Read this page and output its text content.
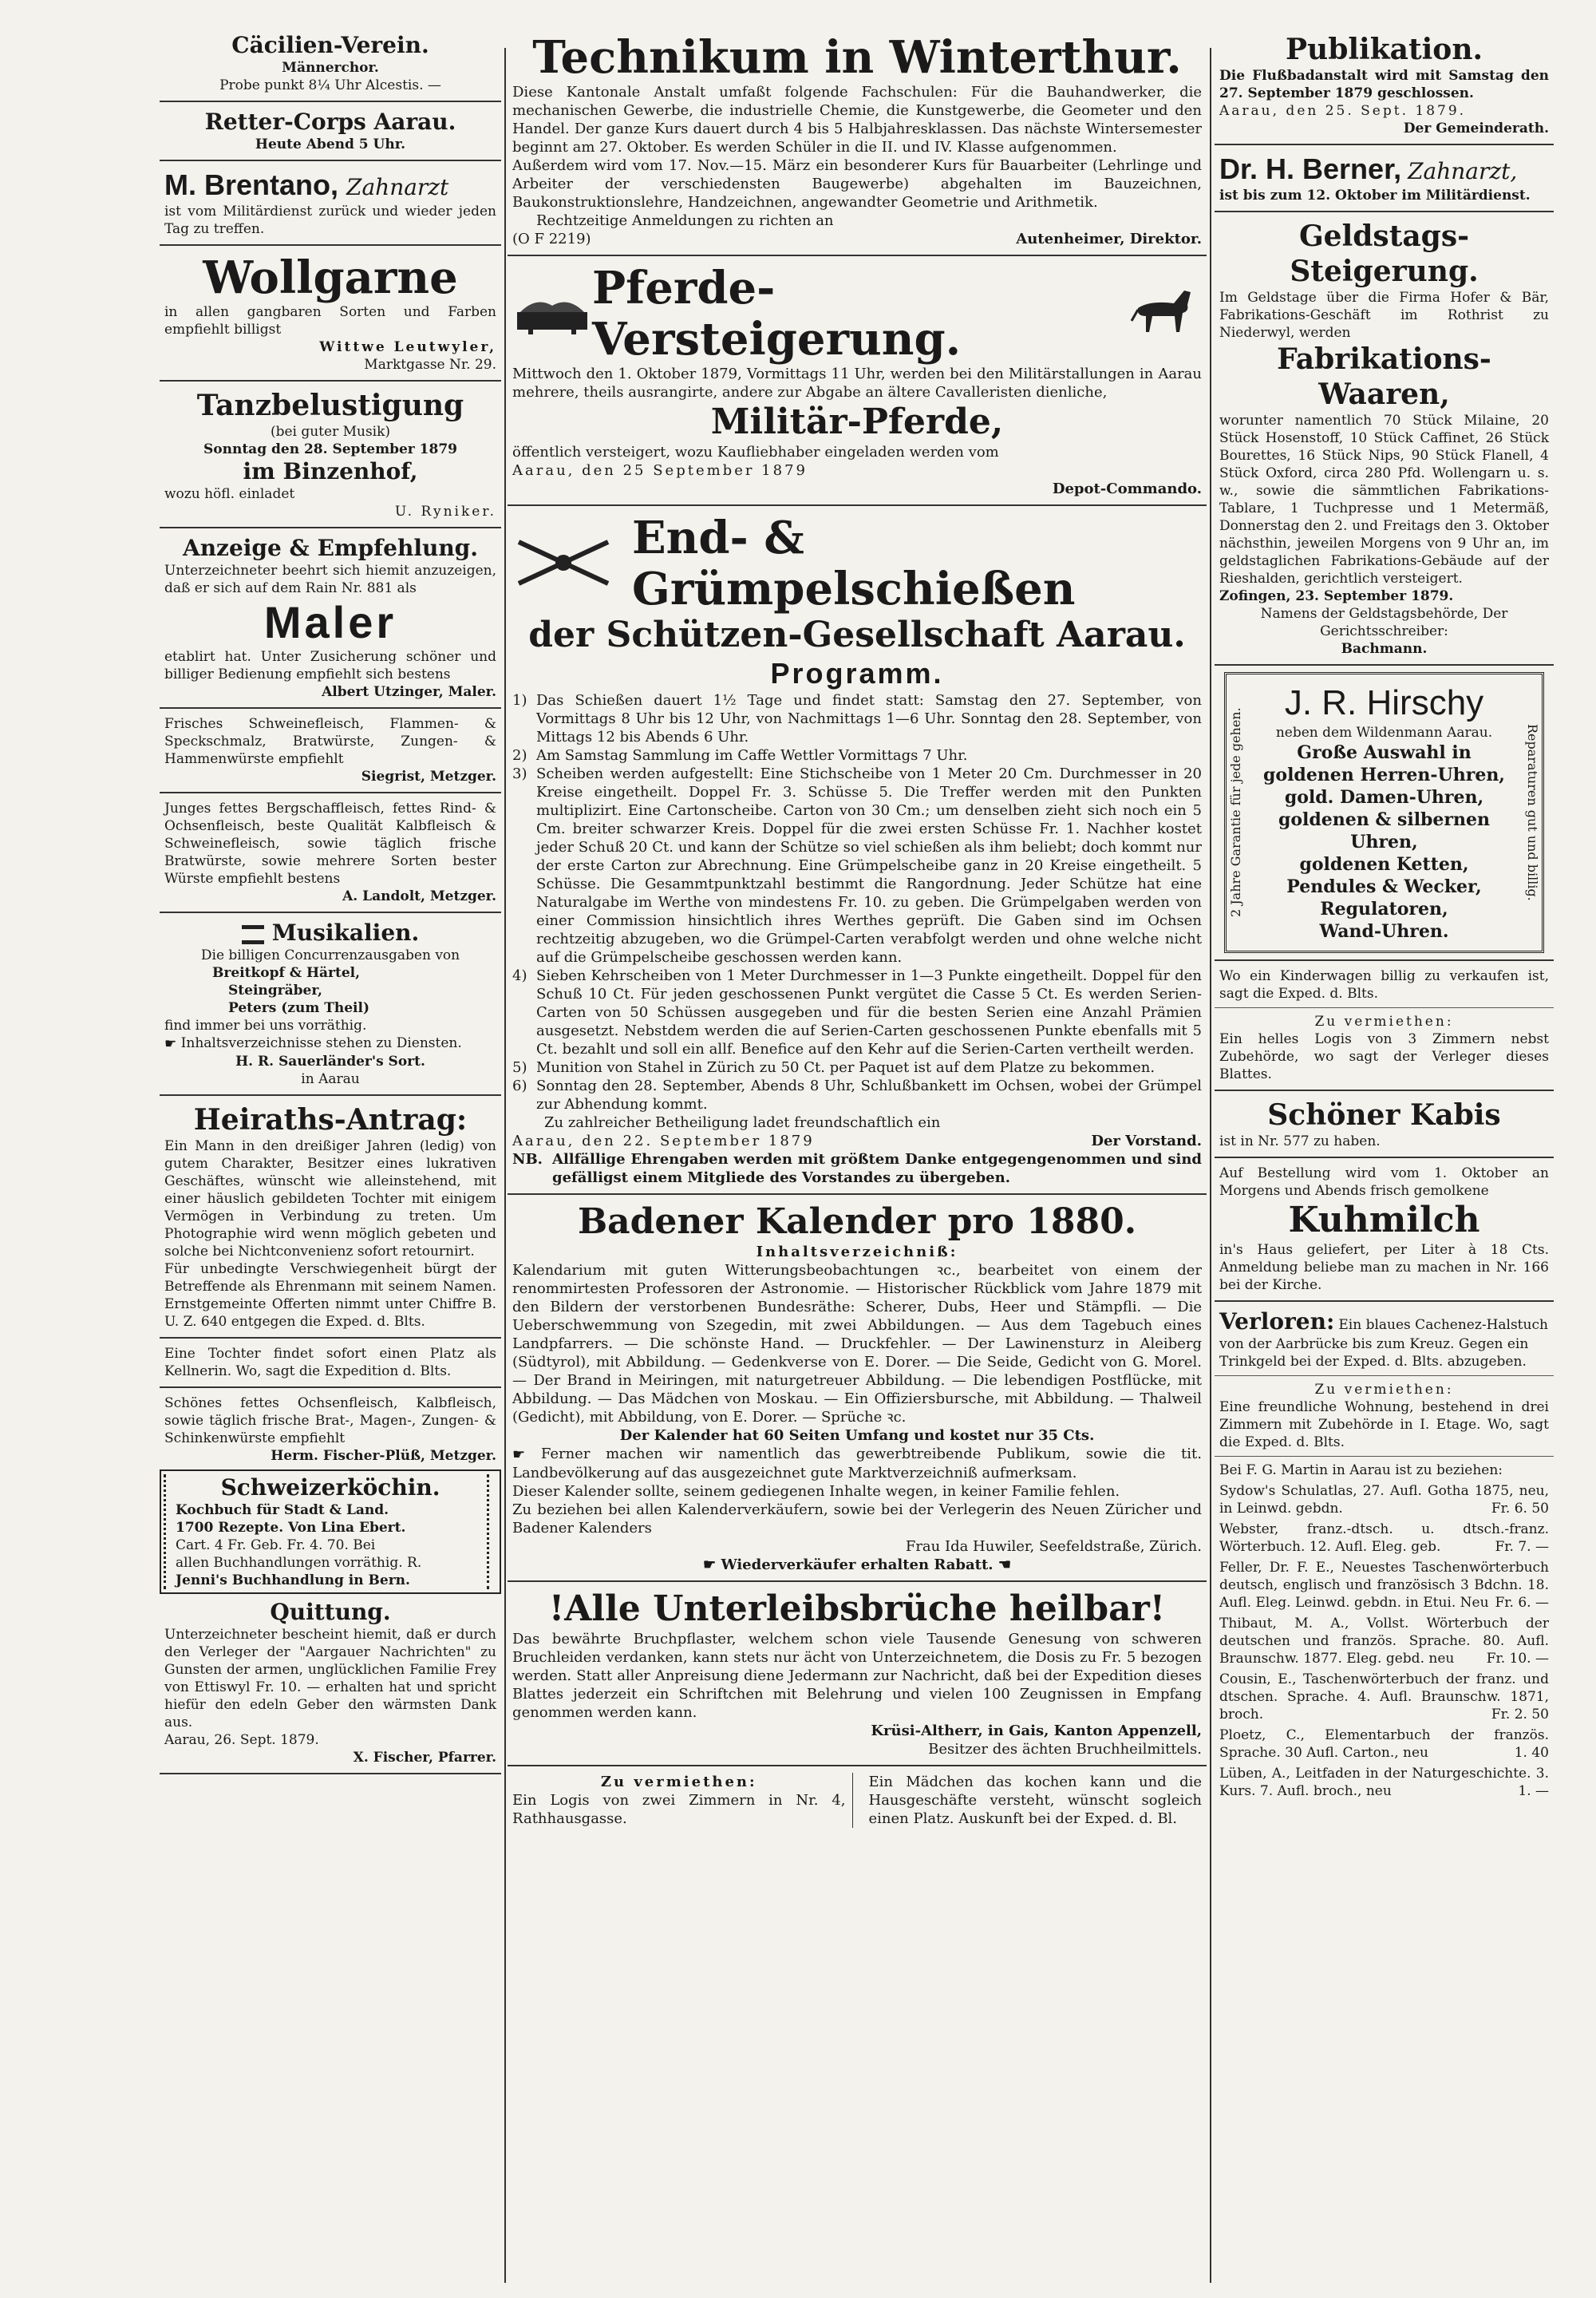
Cäcilien-Verein.
Männerchor.
Probe punkt 8¼ Uhr Alcestis. —
Retter-Corps Aarau.
Heute Abend 5 Uhr.
M. Brentano, Zahnarzt
ist vom Militärdienst zurück und wieder jeden Tag zu treffen.
Wollgarne
in allen gangbaren Sorten und Farben empfiehlt billigst
Wittwe Leutwyler,
Marktgasse Nr. 29.
Tanzbelustigung
(bei guter Musik)
Sonntag den 28. September 1879
im Binzenhof,
wozu höfl. einladet
U. Ryniker.
Anzeige & Empfehlung.
Unterzeichneter beehrt sich hiemit anzuzeigen, daß er sich auf dem Rain Nr. 881 als
Maler
etablirt hat. Unter Zusicherung schöner und billiger Bedienung empfiehlt sich bestens
Albert Utzinger, Maler.
Frisches Schweinefleisch, Flammen- & Speckschmalz, Bratwürste, Zungen- & Hammenwürste empfiehlt
Siegrist, Metzger.
Junges fettes Bergschaffleisch, fettes Rind- & Ochsenfleisch, beste Qualität Kalbfleisch & Schweinefleisch, sowie täglich frische Bratwürste, sowie mehrere Sorten bester Würste empfiehlt bestens
A. Landolt, Metzger.
Musikalien.
Die billigen Concurrenzausgaben von
Breitkopf & Härtel,
Steingräber,
Peters (zum Theil)
find immer bei uns vorräthig.
☛ Inhaltsverzeichnisse stehen zu Diensten.
H. R. Sauerländer's Sort.
in Aarau
Heiraths-Antrag:
Ein Mann in den dreißiger Jahren (ledig) von gutem Charakter, Besitzer eines lukrativen Geschäftes, wünscht wie alleinstehend, mit einer häuslich gebildeten Tochter mit einigem Vermögen in Verbindung zu treten. Um Photographie wird wenn möglich gebeten und solche bei Nichtconvenienz sofort retournirt.
Für unbedingte Verschwiegenheit bürgt der Betreffende als Ehrenmann mit seinem Namen. Ernstgemeinte Offerten nimmt unter Chiffre B. U. Z. 640 entgegen die Exped. d. Blts.
Eine Tochter findet sofort einen Platz als Kellnerin. Wo, sagt die Expedition d. Blts.
Schönes fettes Ochsenfleisch, Kalbfleisch, sowie täglich frische Brat-, Magen-, Zungen- & Schinkenwürste empfiehlt
Herm. Fischer-Plüß, Metzger.
Schweizerköchin.
Kochbuch für Stadt & Land.
1700 Rezepte. Von Lina Ebert.
Cart. 4 Fr. Geb. Fr. 4. 70. Bei
allen Buchhandlungen vorräthig. R.
Jenni's Buchhandlung in Bern.
Quittung.
Unterzeichneter bescheint hiemit, daß er durch den Verleger der "Aargauer Nachrichten" zu Gunsten der armen, unglücklichen Familie Frey von Ettiswyl Fr. 10. — erhalten hat und spricht hiefür den edeln Geber den wärmsten Dank aus.
Aarau, 26. Sept. 1879.
X. Fischer, Pfarrer.
Technikum in Winterthur.
Diese Kantonale Anstalt umfaßt folgende Fachschulen: Für die Bauhandwerker, die mechanischen Gewerbe, die industrielle Chemie, die Kunstgewerbe, die Geometer und den Handel. Der ganze Kurs dauert durch 4 bis 5 Halbjahresklassen. Das nächste Wintersemester beginnt am 27. Oktober. Es werden Schüler in die II. und IV. Klasse aufgenommen.
Außerdem wird vom 17. Nov.—15. März ein besonderer Kurs für Bauarbeiter (Lehrlinge und Arbeiter der verschiedensten Baugewerbe) abgehalten im Bauzeichnen, Baukonstruktionslehre, Handzeichnen, angewandter Geometrie und Arithmetik.
Rechtzeitige Anmeldungen zu richten an
(O F 2219)	Autenheimer, Direktor.
Pferde-Versteigerung.
Mittwoch den 1. Oktober 1879, Vormittags 11 Uhr, werden bei den Militärstallungen in Aarau mehrere, theils ausrangirte, andere zur Abgabe an ältere Cavalleristen dienliche,
Militär-Pferde,
öffentlich versteigert, wozu Kaufliebhaber eingeladen werden vom
Aarau, den 25 September 1879
Depot-Commando.
End- & Grümpelschießen
der Schützen-Gesellschaft Aarau.
Programm.
1) Das Schießen dauert 1½ Tage und findet statt: Samstag den 27. September, von Vormittags 8 Uhr bis 12 Uhr, von Nachmittags 1—6 Uhr. Sonntag den 28. September, von Mittags 12 bis Abends 6 Uhr.
2) Am Samstag Sammlung im Caffe Wettler Vormittags 7 Uhr.
3) Scheiben werden aufgestellt: Eine Stichscheibe von 1 Meter 20 Cm. Durchmesser in 20 Kreise eingetheilt. Doppel Fr. 3. Schüsse 5. Die Treffer werden mit den Punkten multiplizirt. Eine Cartonscheibe. Carton von 30 Cm.; um denselben zieht sich noch ein 5 Cm. breiter schwarzer Kreis. Doppel für die zwei ersten Schüsse Fr. 1. Nachher kostet jeder Schuß 20 Ct. und kann der Schütze so viel schießen als ihm beliebt; doch kommt nur der erste Carton zur Abrechnung. Eine Grümpelscheibe ganz in 20 Kreise eingetheilt. 5 Schüsse. Die Gesammtpunktzahl bestimmt die Rangordnung. Jeder Schütze hat eine Naturalgabe im Werthe von mindestens Fr. 10. zu geben. Die Grümpelgaben werden von einer Commission hinsichtlich ihres Werthes geprüft. Die Gaben sind im Ochsen rechtzeitig abzugeben, wo die Grümpel-Carten verabfolgt werden und ohne welche nicht auf die Grümpelscheibe geschossen werden kann.
4) Sieben Kehrscheiben von 1 Meter Durchmesser in 1—3 Punkte eingetheilt. Doppel für den Schuß 10 Ct. Für jeden geschossenen Punkt vergütet die Casse 5 Ct. Es werden Serien-Carten von 50 Schüssen ausgegeben und für die besten Serien eine Anzahl Prämien ausgesetzt. Nebstdem werden die auf Serien-Carten geschossenen Punkte ebenfalls mit 5 Ct. bezahlt und soll ein allf. Benefice auf den Kehr auf die Serien-Carten vertheilt werden.
5) Munition von Stahel in Zürich zu 50 Ct. per Paquet ist auf dem Platze zu bekommen.
6) Sonntag den 28. September, Abends 8 Uhr, Schlußbankett im Ochsen, wobei der Grümpel zur Abhendung kommt.
Zu zahlreicher Betheiligung ladet freundschaftlich ein
Aarau, den 22. September 1879	Der Vorstand.
NB. Allfällige Ehrengaben werden mit größtem Danke entgegengenommen und sind gefälligst einem Mitgliede des Vorstandes zu übergeben.
Badener Kalender pro 1880.
Inhaltsverzeichniß:
Kalendarium mit guten Witterungsbeobachtungen ꝛc., bearbeitet von einem der renommirtesten Professoren der Astronomie. — Historischer Rückblick vom Jahre 1879 mit den Bildern der verstorbenen Bundesräthe: Scherer, Dubs, Heer und Stämpfli. — Die Ueberschwemmung von Szegedin, mit zwei Abbildungen. — Aus dem Tagebuch eines Landpfarrers. — Die schönste Hand. — Druckfehler. — Der Lawinensturz in Aleiberg (Südtyrol), mit Abbildung. — Gedenkverse von E. Dorer. — Die Seide, Gedicht von G. Morel. — Der Brand in Meiringen, mit naturgetreuer Abbildung. — Die lebendigen Postflücke, mit Abbildung. — Das Mädchen von Moskau. — Ein Offiziersbursche, mit Abbildung. — Thalweil (Gedicht), mit Abbildung, von E. Dorer. — Sprüche ꝛc.
Der Kalender hat 60 Seiten Umfang und kostet nur 35 Cts.
☛ Ferner machen wir namentlich das gewerbtreibende Publikum, sowie die tit. Landbevölkerung auf das ausgezeichnet gute Marktverzeichniß aufmerksam.
Dieser Kalender sollte, seinem gediegenen Inhalte wegen, in keiner Familie fehlen.
Zu beziehen bei allen Kalenderverkäufern, sowie bei der Verlegerin des Neuen Züricher und Badener Kalenders
Frau Ida Huwiler, Seefeldstraße, Zürich.
☛ Wiederverkäufer erhalten Rabatt. ☚
!Alle Unterleibsbrüche heilbar!
Das bewährte Bruchpflaster, welchem schon viele Tausende Genesung von schweren Bruchleiden verdanken, kann stets nur ächt von Unterzeichnetem, die Dosis zu Fr. 5 bezogen werden. Statt aller Anpreisung diene Jedermann zur Nachricht, daß bei der Expedition dieses Blattes jederzeit ein Schriftchen mit Belehrung und vielen 100 Zeugnissen in Empfang genommen werden kann.
Krüsi-Altherr, in Gais, Kanton Appenzell,
Besitzer des ächten Bruchheilmittels.
Zu vermiethen:
Ein Logis von zwei Zimmern in Nr. 4, Rathhausgasse.
Ein Mädchen das kochen kann und die Hausgeschäfte versteht, wünscht sogleich einen Platz. Auskunft bei der Exped. d. Bl.
Publikation.
Die Flußbadanstalt wird mit Samstag den 27. September 1879 geschlossen.
Aarau, den 25. Sept. 1879.
Der Gemeinderath.
Dr. H. Berner, Zahnarzt,
ist bis zum 12. Oktober im Militärdienst.
Geldstags-Steigerung.
Im Geldstage über die Firma Hofer & Bär, Fabrikations-Geschäft im Rothrist zu Niederwyl, werden
Fabrikations-Waaren,
worunter namentlich 70 Stück Milaine, 20 Stück Hosenstoff, 10 Stück Caffinet, 26 Stück Bourettes, 16 Stück Nips, 90 Stück Flanell, 4 Stück Oxford, circa 280 Pfd. Wollengarn u. s. w., sowie die sämmtlichen Fabrikations-Tablare, 1 Tuchpresse und 1 Metermäß, Donnerstag den 2. und Freitags den 3. Oktober nächsthin, jeweilen Morgens von 9 Uhr an, im geldstaglichen Fabrikations-Gebäude auf der Rieshalden, gerichtlich versteigert.
Zofingen, 23. September 1879.
Namens der Geldstagsbehörde, Der Gerichtsschreiber:
Bachmann.
2 Jahre Garantie für jede gehen.	Reparaturen gut und billig.
J. R. Hirschy
neben dem Wildenmann Aarau.
Große Auswahl in
goldenen Herren-Uhren,
gold. Damen-Uhren,
goldenen & silbernen Uhren,
goldenen Ketten,
Pendules & Wecker,
Regulatoren,
Wand-Uhren.
Wo ein Kinderwagen billig zu verkaufen ist, sagt die Exped. d. Blts.
Zu vermiethen:
Ein helles Logis von 3 Zimmern nebst Zubehörde, wo sagt der Verleger dieses Blattes.
Schöner Kabis
ist in Nr. 577 zu haben.
Auf Bestellung wird vom 1. Oktober an Morgens und Abends frisch gemolkene
Kuhmilch
in's Haus geliefert, per Liter à 18 Cts. Anmeldung beliebe man zu machen in Nr. 166 bei der Kirche.
Verloren: Ein blaues Cachenez-Halstuch von der Aarbrücke bis zum Kreuz. Gegen ein Trinkgeld bei der Exped. d. Blts. abzugeben.
Zu vermiethen:
Eine freundliche Wohnung, bestehend in drei Zimmern mit Zubehörde in I. Etage. Wo, sagt die Exped. d. Blts.
Bei F. G. Martin in Aarau ist zu beziehen:
Sydow's Schulatlas, 27. Aufl. Gotha 1875, neu, in Leinwd. gebdn.	Fr. 6. 50
Webster, franz.-dtsch. u. dtsch.-franz. Wörterbuch. 12. Aufl. Eleg. geb.	Fr. 7. —
Feller, Dr. F. E., Neuestes Taschenwörterbuch deutsch, englisch und französisch 3 Bdchn. 18. Aufl. Eleg. Leinwd. gebdn. in Etui. Neu Fr. 6. —
Thibaut, M. A., Vollst. Wörterbuch der deutschen und französ. Sprache. 80. Aufl. Braunschw. 1877. Eleg. gebd. neu Fr. 10. —
Cousin, E., Taschenwörterbuch der franz. und dtschen. Sprache. 4. Aufl. Braunschw. 1871, broch.	Fr. 2. 50
Ploetz, C., Elementarbuch der französ. Sprache. 30 Aufl. Carton., neu	1. 40
Lüben, A., Leitfaden in der Naturgeschichte. 3. Kurs. 7. Aufl. broch., neu	1. —
